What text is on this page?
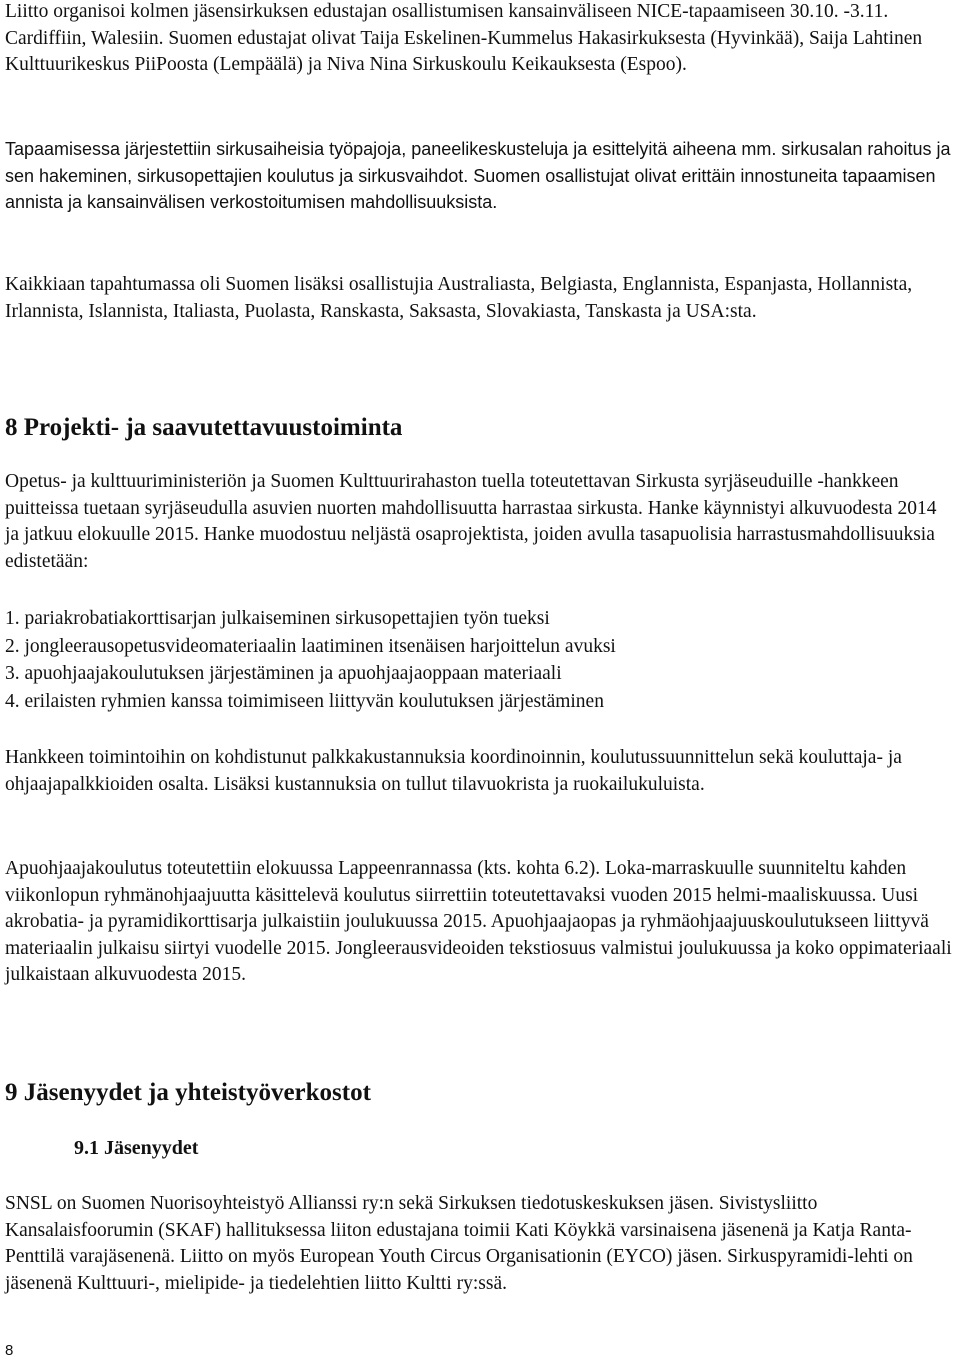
Liitto organisoi kolmen jäsensirkuksen edustajan osallistumisen kansainväliseen NICE-tapaamiseen 30.10. -3.11. Cardiffiin, Walesiin. Suomen edustajat olivat Taija Eskelinen-Kummelus Hakasirkuksesta (Hyvinkää), Saija Lahtinen Kulttuurikeskus PiiPoosta (Lempäälä) ja Niva Nina Sirkuskoulu Keikauksesta (Espoo).

Tapaamisessa järjestettiin sirkusaiheisia työpajoja, paneelikeskusteluja ja esittelyitä aiheena mm. sirkusalan rahoitus ja sen hakeminen, sirkusopettajien koulutus ja sirkusvaihdot. Suomen osallistujat olivat erittäin innostuneita tapaamisen annista ja kansainvälisen verkostoitumisen mahdollisuuksista.

Kaikkiaan tapahtumassa oli Suomen lisäksi osallistujia Australiasta, Belgiasta, Englannista, Espanjasta, Hollannista, Irlannista, Islannista, Italiasta, Puolasta, Ranskasta, Saksasta, Slovakiasta, Tanskasta ja USA:sta.

8 Projekti- ja saavutettavuustoiminta

Opetus- ja kulttuuriministeriön ja Suomen Kulttuurirahaston tuella toteutettavan Sirkusta syrjäseuduille -hankkeen puitteissa tuetaan syrjäseudulla asuvien nuorten mahdollisuutta harrastaa sirkusta. Hanke käynnistyi alkuvuodesta 2014 ja jatkuu elokuulle 2015. Hanke muodostuu neljästä osaprojektista, joiden avulla tasapuolisia harrastusmahdollisuuksia edistetään:

1. pariakrobatiakorttisarjan julkaiseminen sirkusopettajien työn tueksi
2. jongleerausopetusvideomateriaalin laatiminen itsenäisen harjoittelun avuksi
3. apuohjaajakoulutuksen järjestäminen ja apuohjaajaoppaan materiaali
4. erilaisten ryhmien kanssa toimimiseen liittyvän koulutuksen järjestäminen

Hankkeen toimintoihin on kohdistunut palkkakustannuksia koordinoinnin, koulutussuunnittelun sekä kouluttaja- ja ohjaajapalkkioiden osalta. Lisäksi kustannuksia on tullut tilavuokrista ja ruokailukuluista.

Apuohjaajakoulutus toteutettiin elokuussa Lappeenrannassa (kts. kohta 6.2). Loka-marraskuulle suunniteltu kahden viikonlopun ryhmänohjaajuutta käsittelevä koulutus siirrettiin toteutettavaksi vuoden 2015 helmi-maaliskuussa. Uusi akrobatia- ja pyramidikorttisarja julkaistiin joulukuussa 2015. Apuohjaajaopas ja ryhmäohjaajuuskoulutukseen liittyvä materiaalin julkaisu siirtyi vuodelle 2015. Jongleerausvideoiden tekstiosuus valmistui joulukuussa ja koko oppimateriaali julkaistaan alkuvuodesta 2015.

9 Jäsenyydet ja yhteistyöverkostot
9.1 Jäsenyydet

SNSL on Suomen Nuorisoyhteistyö Allianssi ry:n sekä Sirkuksen tiedotuskeskuksen jäsen. Sivistysliitto Kansalaisfoorumin (SKAF) hallituksessa liiton edustajana toimii Kati Köykkä varsinaisena jäsenenä ja Katja Ranta-Penttilä varajäsenenä. Liitto on myös European Youth Circus Organisationin (EYCO) jäsen. Sirkuspyramidi-lehti on jäsenenä Kulttuuri-, mielipide- ja tiedelehtien liitto Kultti ry:ssä.

8
